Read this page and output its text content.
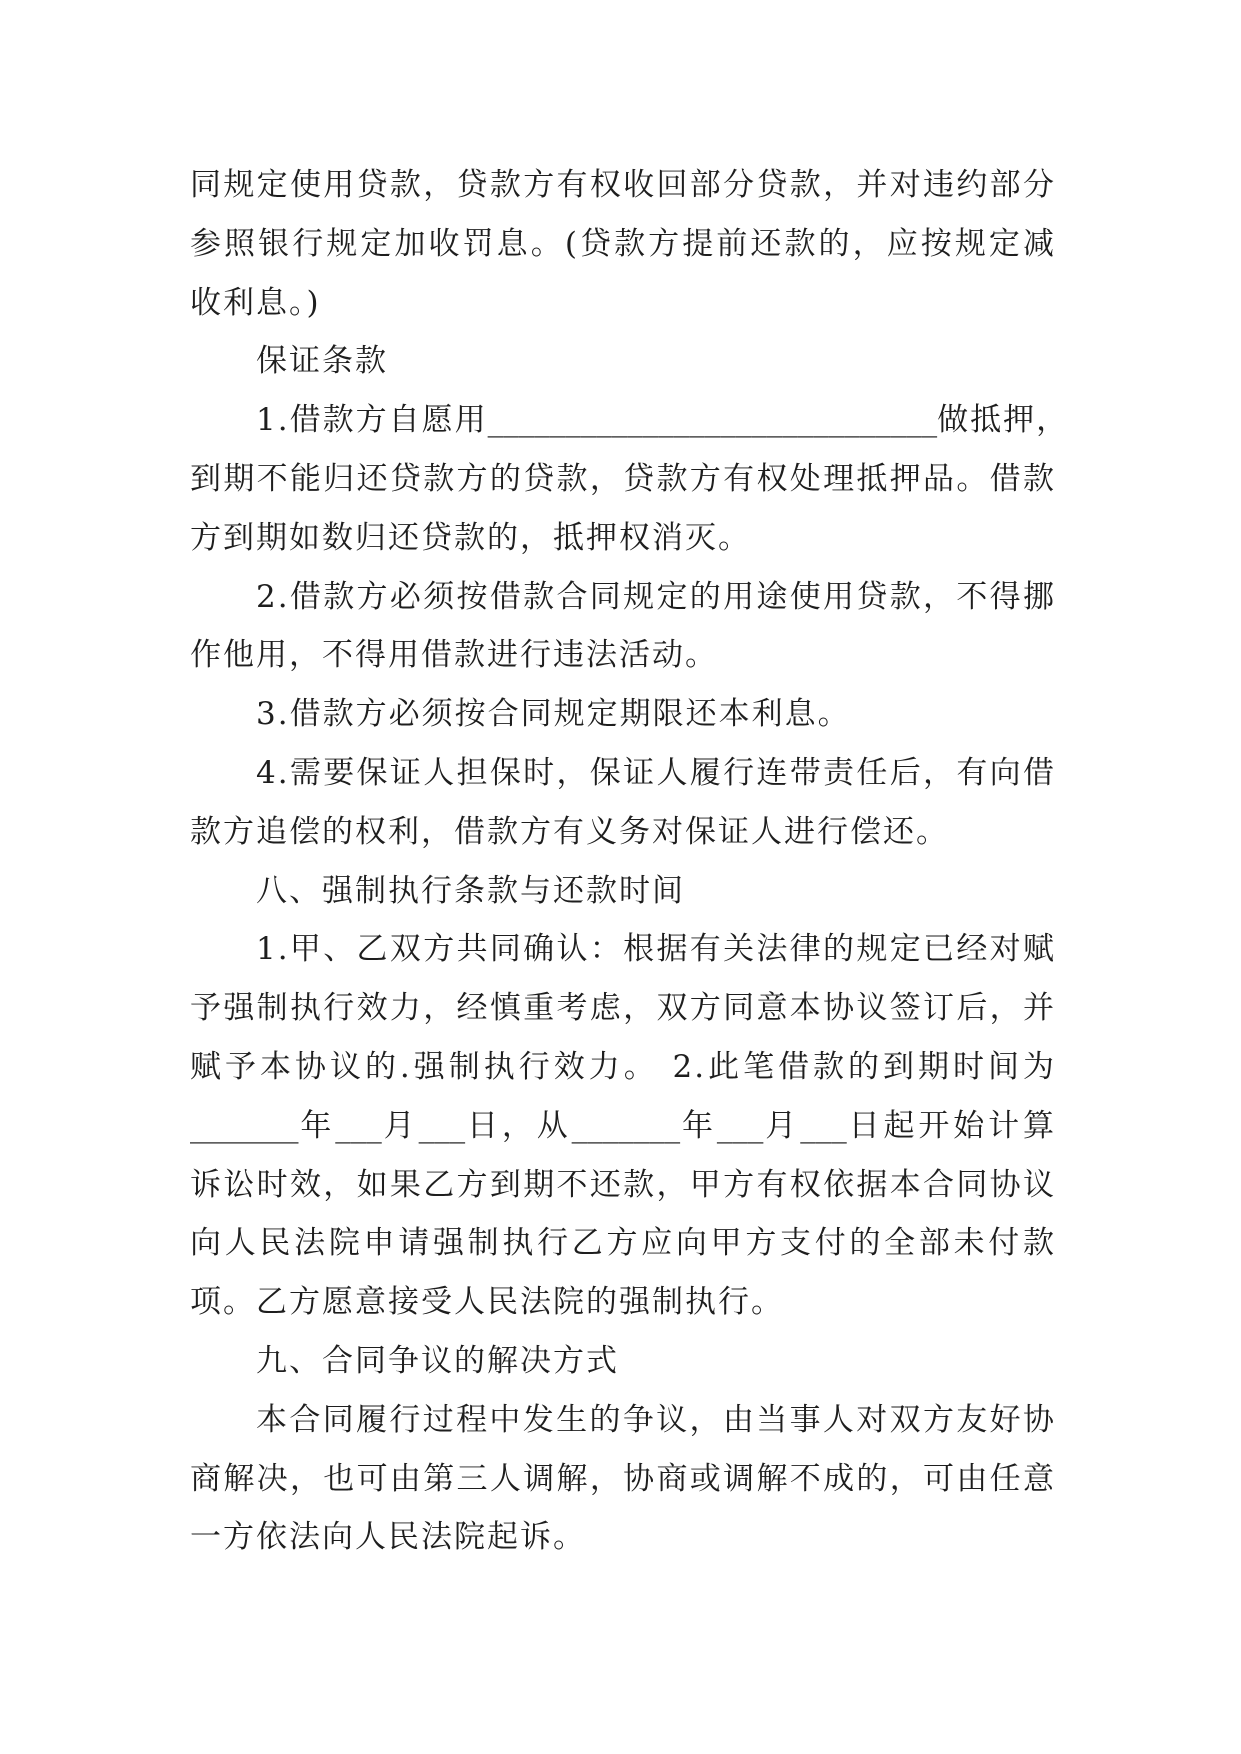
同规定使用贷款，贷款方有权收回部分贷款，并对违约部分
参照银行规定加收罚息。(贷款方提前还款的，应按规定减
收利息。)
保证条款
1.借款方自愿用_____________________________做抵押，
到期不能归还贷款方的贷款，贷款方有权处理抵押品。借款
方到期如数归还贷款的，抵押权消灭。
2.借款方必须按借款合同规定的用途使用贷款，不得挪
作他用，不得用借款进行违法活动。
3.借款方必须按合同规定期限还本利息。
4.需要保证人担保时，保证人履行连带责任后，有向借
款方追偿的权利，借款方有义务对保证人进行偿还。
八、强制执行条款与还款时间
1.甲、乙双方共同确认：根据有关法律的规定已经对赋
予强制执行效力，经慎重考虑，双方同意本协议签订后，并
赋予本协议的.强制执行效力。 2.此笔借款的到期时间为
_______年___月___日，从_______年___月___日起开始计算
诉讼时效，如果乙方到期不还款，甲方有权依据本合同协议
向人民法院申请强制执行乙方应向甲方支付的全部未付款
项。乙方愿意接受人民法院的强制执行。
九、合同争议的解决方式
本合同履行过程中发生的争议，由当事人对双方友好协
商解决，也可由第三人调解，协商或调解不成的，可由任意
一方依法向人民法院起诉。
